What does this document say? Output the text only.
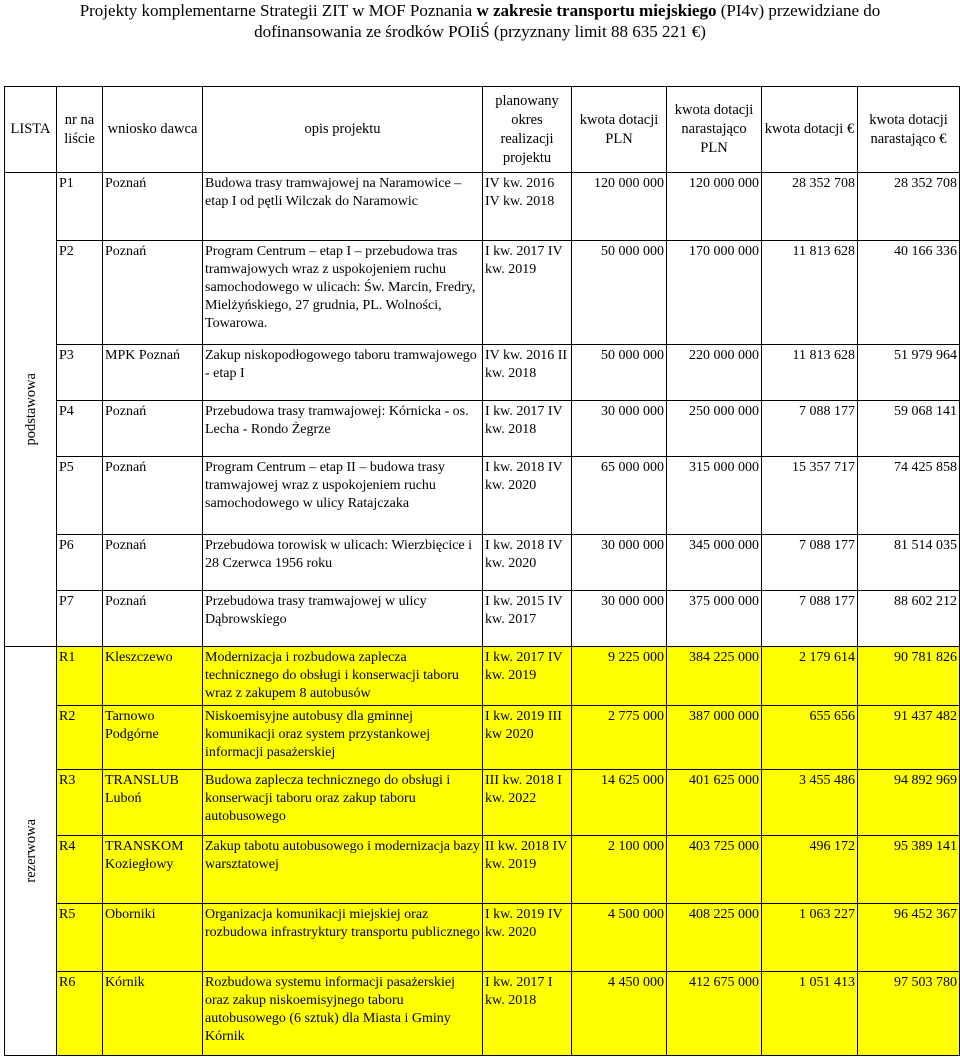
Projekty komplementarne Strategii ZIT w MOF Poznania w zakresie transportu miejskiego (PI4v) przewidziane do
dofinansowania ze środków POIiŚ (przyznany limit 88 635 221 €)
LISTA	nr na liście	wniosko dawca	opis projektu	planowany okres realizacji projektu	kwota dotacji PLN	kwota dotacji narastająco PLN	kwota dotacji €	kwota dotacji narastająco €

podstawowa	P1	Poznań	Budowa trasy tramwajowej na Naramowice – etap I od pętli Wilczak do Naramowic	IV kw. 2016 IV kw. 2018	120 000 000	120 000 000	28 352 708	28 352 708
	P2	Poznań	Program Centrum – etap I – przebudowa tras tramwajowych wraz z uspokojeniem ruchu samochodowego w ulicach: Św. Marcin, Fredry, Mielżyńskiego, 27 grudnia, PL. Wolności, Towarowa.	I kw. 2017 IV kw. 2019	50 000 000	170 000 000	11 813 628	40 166 336
	P3	MPK Poznań	Zakup niskopodłogowego taboru tramwajowego - etap I	IV kw. 2016 II kw. 2018	50 000 000	220 000 000	11 813 628	51 979 964
	P4	Poznań	Przebudowa trasy tramwajowej: Kórnicka - os. Lecha - Rondo Żegrze	I kw. 2017 IV kw. 2018	30 000 000	250 000 000	7 088 177	59 068 141
	P5	Poznań	Program Centrum – etap II – budowa trasy tramwajowej wraz z uspokojeniem ruchu samochodowego w ulicy Ratajczaka	I kw. 2018 IV kw. 2020	65 000 000	315 000 000	15 357 717	74 425 858
	P6	Poznań	Przebudowa torowisk w ulicach: Wierzbięcice i 28 Czerwca 1956 roku	I kw. 2018 IV kw. 2020	30 000 000	345 000 000	7 088 177	81 514 035
	P7	Poznań	Przebudowa trasy tramwajowej w ulicy Dąbrowskiego	I kw. 2015 IV kw. 2017	30 000 000	375 000 000	7 088 177	88 602 212

rezerwowa	R1	Kleszczewo	Modernizacja i rozbudowa zaplecza technicznego do obsługi i konserwacji taboru wraz z zakupem 8 autobusów	I kw. 2017 IV kw. 2019	9 225 000	384 225 000	2 179 614	90 781 826
	R2	Tarnowo Podgórne	Niskoemisyjne autobusy dla gminnej komunikacji oraz system przystankowej informacji pasażerskiej	I kw. 2019 III kw 2020	2 775 000	387 000 000	655 656	91 437 482
	R3	TRANSLUB Luboń	Budowa zaplecza technicznego do obsługi i konserwacji taboru oraz zakup taboru autobusowego	III kw. 2018 I kw. 2022	14 625 000	401 625 000	3 455 486	94 892 969
	R4	TRANSKOM Koziegłowy	Zakup tabotu autobusowego i modernizacja bazy warsztatowej	II kw. 2018 IV kw. 2019	2 100 000	403 725 000	496 172	95 389 141
	R5	Oborniki	Organizacja komunikacji miejskiej oraz rozbudowa infrastryktury transportu publicznego	I kw. 2019 IV kw. 2020	4 500 000	408 225 000	1 063 227	96 452 367
	R6	Kórnik	Rozbudowa systemu informacji pasażerskiej oraz zakup niskoemisyjnego taboru autobusowego (6 sztuk) dla Miasta i Gminy Kórnik	I kw. 2017 I kw. 2018	4 450 000	412 675 000	1 051 413	97 503 780
